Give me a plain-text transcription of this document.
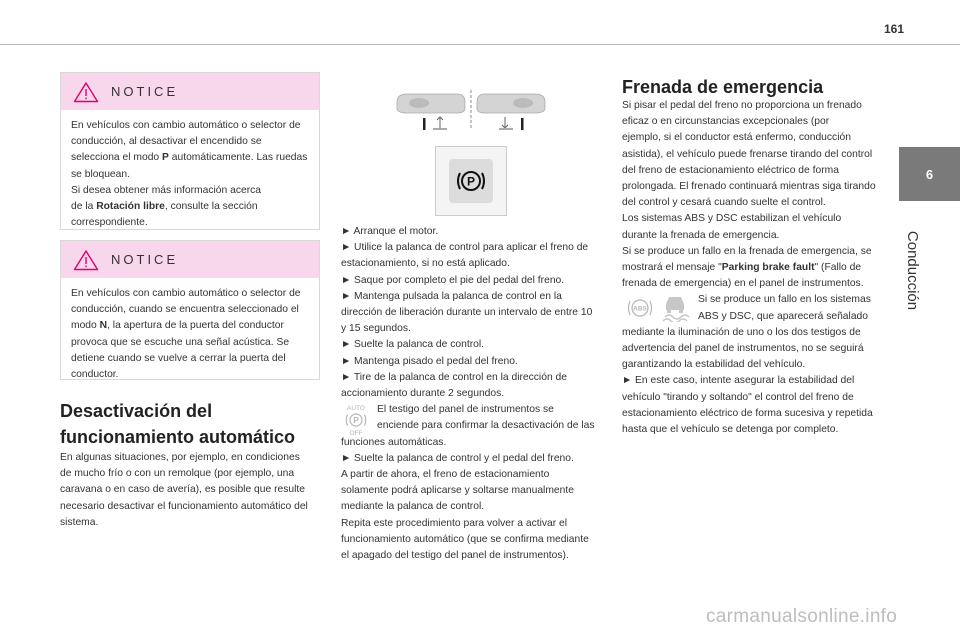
161
6
Conducción
NOTICE

En vehículos con cambio automático o selector de

conducción, al desactivar el encendido se

selecciona el modo P automáticamente. Las ruedas

se bloquean.

Si desea obtener más información acerca

de la Rotación libre, consulte la sección

correspondiente.

NOTICE

En vehículos con cambio automático o selector de

conducción, cuando se encuentra seleccionado el

modo N, la apertura de la puerta del conductor

provoca que se escuche una señal acústica. Se

detiene cuando se vuelve a cerrar la puerta del

conductor.

Desactivación del
funcionamiento automático

En algunas situaciones, por ejemplo, en condiciones

de mucho frío o con un remolque (por ejemplo, una

caravana o en caso de avería), es posible que resulte

necesario desactivar el funcionamiento automático del

sistema.

P

► Arranque el motor.

► Utilice la palanca de control para aplicar el freno de

estacionamiento, si no está aplicado.

► Saque por completo el pie del pedal del freno.

► Mantenga pulsada la palanca de control en la

dirección de liberación durante un intervalo de entre 10

y 15 segundos.

► Suelte la palanca de control.

► Mantenga pisado el pedal del freno.

► Tire de la palanca de control en la dirección de

accionamiento durante 2 segundos.

El testigo del panel de instrumentos se

enciende para confirmar la desactivación de las

funciones automáticas.

► Suelte la palanca de control y el pedal del freno.

A partir de ahora, el freno de estacionamiento

solamente podrá aplicarse y soltarse manualmente

mediante la palanca de control.

Repita este procedimiento para volver a activar el

funcionamiento automático (que se confirma mediante

el apagado del testigo del panel de instrumentos).

AUTO
P
OFF
Frenada de emergencia

Si pisar el pedal del freno no proporciona un frenado

eficaz o en circunstancias excepcionales (por

ejemplo, si el conductor está enfermo, conducción

asistida), el vehículo puede frenarse tirando del control

del freno de estacionamiento eléctrico de forma

prolongada. El frenado continuará mientras siga tirando

del control y cesará cuando suelte el control.

Los sistemas ABS y DSC estabilizan el vehículo

durante la frenada de emergencia.

Si se produce un fallo en la frenada de emergencia, se

mostrará el mensaje "Parking brake fault" (Fallo de

frenada de emergencia) en el panel de instrumentos.

Si se produce un fallo en los sistemas

ABS y DSC, que aparecerá señalado

mediante la iluminación de uno o los dos testigos de

advertencia del panel de instrumentos, no se seguirá

garantizando la estabilidad del vehículo.

► En este caso, intente asegurar la estabilidad del

vehículo "tirando y soltando" el control del freno de

estacionamiento eléctrico de forma sucesiva y repetida

hasta que el vehículo se detenga por completo.

ABS
carmanualsonline.info
